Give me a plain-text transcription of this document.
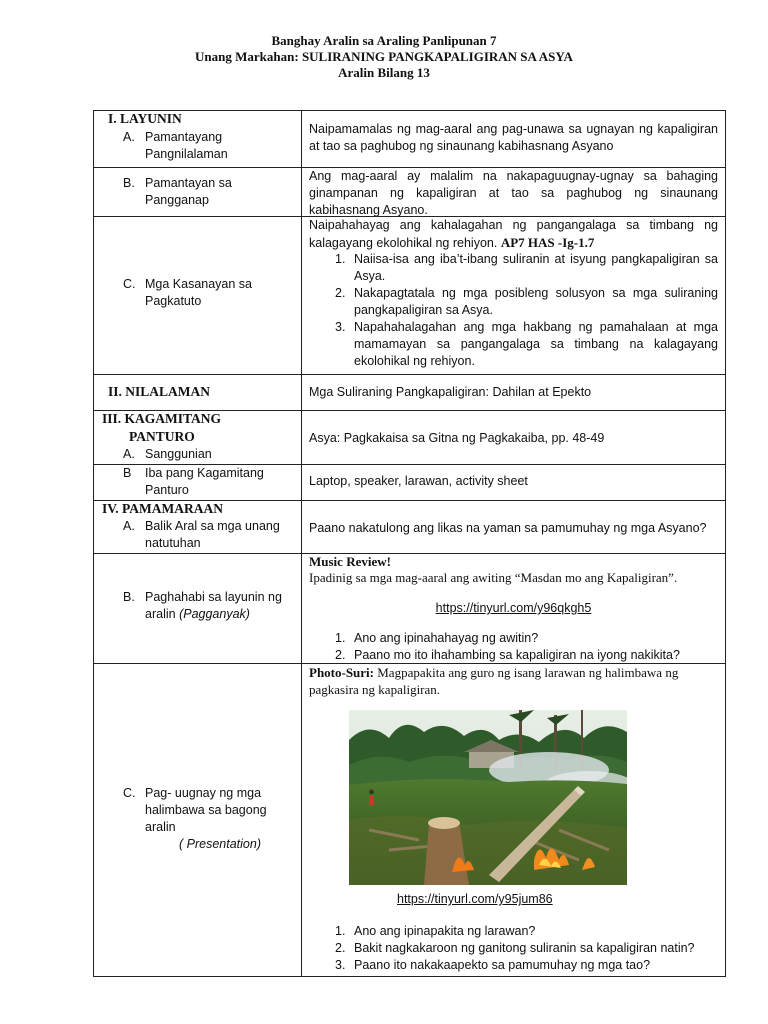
Banghay Aralin sa Araling Panlipunan 7
Unang Markahan: SULIRANING PANGKAPALIGIRAN SA ASYA
Aralin Bilang 13
I. LAYUNIN
A. Pamantayang Pangnilalaman
Naipamamalas ng mag-aaral ang pag-unawa sa ugnayan ng kapaligiran at tao sa paghubog ng sinaunang kabihasnang Asyano
B. Pamantayan sa Pangganap
Ang mag-aaral ay malalim na nakapaguugnay-ugnay sa bahaging ginampanan ng kapaligiran at tao sa paghubog ng sinaunang kabihasnang Asyano.
C. Mga Kasanayan sa Pagkatuto
Naipahahayag ang kahalagahan ng pangangalaga sa timbang ng kalagayang ekolohikal ng rehiyon. AP7 HAS -Ig-1.7
1. Naiisa-isa ang iba’t-ibang suliranin at isyung pangkapaligiran sa Asya.
2. Nakapagtatala ng mga posibleng solusyon sa mga suliraning pangkapaligiran sa Asya.
3. Napahahalagahan ang mga hakbang ng pamahalaan at mga mamamayan sa pangangalaga sa timbang na kalagayang ekolohikal ng rehiyon.
II. NILALAMAN	Mga Suliraning Pangkapaligiran: Dahilan at Epekto
III. KAGAMITANG
PANTURO
A. Sanggunian
Asya: Pagkakaisa sa Gitna ng Pagkakaiba, pp. 48-49
B Iba pang Kagamitang Panturo
Laptop, speaker, larawan, activity sheet
IV. PAMAMARAAN
A. Balik Aral sa mga unang natutuhan
Paano nakatulong ang likas na yaman sa pamumuhay ng mga Asyano?
B. Paghahabi sa layunin ng aralin (Pagganyak)
Music Review!
Ipadinig sa mga mag-aaral ang awiting “Masdan mo ang Kapaligiran”.
https://tinyurl.com/y96qkgh5
1. Ano ang ipinahahayag ng awitin?
2. Paano mo ito ihahambing sa kapaligiran na iyong nakikita?
C. Pag- uugnay ng mga halimbawa sa bagong aralin

( Presentation)
Photo-Suri: Magpapakita ang guro ng isang larawan ng halimbawa ng pagkasira ng kapaligiran.
https://tinyurl.com/y95jum86
1. Ano ang ipinapakita ng larawan?
2. Bakit nagkakaroon ng ganitong suliranin sa kapaligiran natin?
3. Paano ito nakakaapekto sa pamumuhay ng mga tao?
